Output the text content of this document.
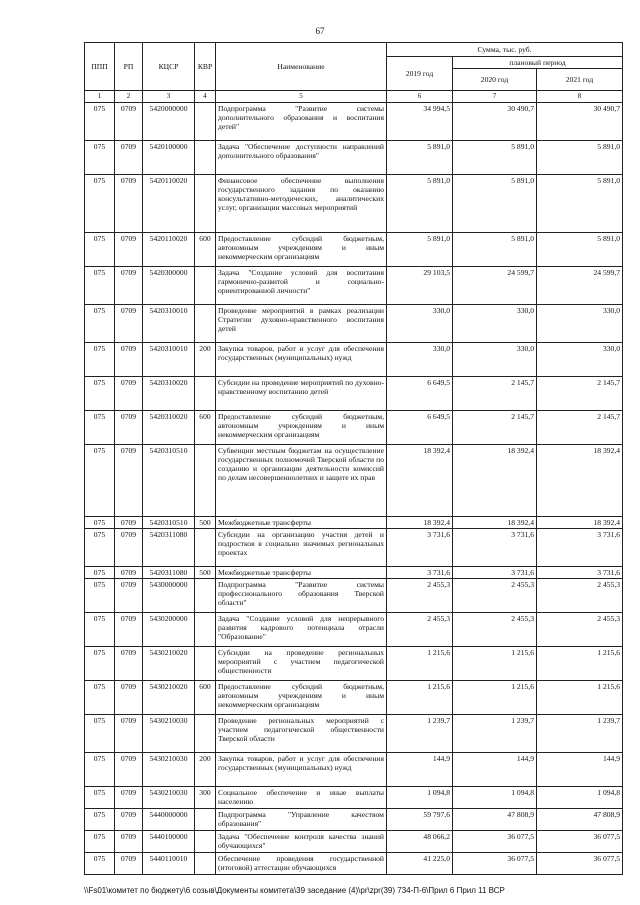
67
ППП	РП	КЦСР	КВР	Наименование	Сумма, тыс. руб.		
					2019 год	плановый период	
						2020 год	2021 год
1	2	3	4	5	6	7	8
075	0709	5420000000		Подпрограмма "Развитие системы дополнительного образования и воспитания детей"	34 994,5	30 490,7	30 490,7
075	0709	5420100000		Задача "Обеспечение доступности направлений дополнительного образования"	5 891,0	5 891,0	5 891,0
075	0709	5420110020		Финансовое обеспечение выполнения государственного задания по оказанию консультативно-методических, аналитических услуг, организации массовых мероприятий	5 891,0	5 891,0	5 891,0
075	0709	5420110020	600	Предоставление субсидий бюджетным, автономным учреждениям и иным некоммерческим организациям	5 891,0	5 891,0	5 891,0
075	0709	5420300000		Задача "Создание условий для воспитания гармонично-развитой и социально-ориентированной личности"	29 103,5	24 599,7	24 599,7
075	0709	5420310010		Проведение мероприятий в рамках реализации Стратегии духовно-нравственного воспитания детей	330,0	330,0	330,0
075	0709	5420310010	200	Закупка товаров, работ и услуг для обеспечения государственных (муниципальных) нужд	330,0	330,0	330,0
075	0709	5420310020		Субсидии на проведение мероприятий по духовно-нравственному воспитанию детей	6 649,5	2 145,7	2 145,7
075	0709	5420310020	600	Предоставление субсидий бюджетным, автономным учреждениям и иным некоммерческим организациям	6 649,5	2 145,7	2 145,7
075	0709	5420310510		Субвенции местным бюджетам на осуществление государственных полномочий Тверской области по созданию и организации деятельности комиссий по делам несовершеннолетних и защите их прав	18 392,4	18 392,4	18 392,4
075	0709	5420310510	500	Межбюджетные трансферты	18 392,4	18 392,4	18 392,4
075	0709	5420311080		Субсидии на организацию участия детей и подростков в социально значимых региональных проектах	3 731,6	3 731,6	3 731,6
075	0709	5420311080	500	Межбюджетные трансферты	3 731,6	3 731,6	3 731,6
075	0709	5430000000		Подпрограмма "Развитие системы профессионального образования Тверской области"	2 455,3	2 455,3	2 455,3
075	0709	5430200000		Задача "Создание условий для непрерывного развития кадрового потенциала отрасли "Образование"	2 455,3	2 455,3	2 455,3
075	0709	5430210020		Субсидии на проведение региональных мероприятий с участием педагогической общественности	1 215,6	1 215,6	1 215,6
075	0709	5430210020	600	Предоставление субсидий бюджетным, автономным учреждениям и иным некоммерческим организациям	1 215,6	1 215,6	1 215,6
075	0709	5430210030		Проведение региональных мероприятий с участием педагогической общественности Тверской области	1 239,7	1 239,7	1 239,7
075	0709	5430210030	200	Закупка товаров, работ и услуг для обеспечения государственных (муниципальных) нужд	144,9	144,9	144,9
075	0709	5430210030	300	Социальное обеспечение и иные выплаты населению	1 094,8	1 094,8	1 094,8
075	0709	5440000000		Подпрограмма "Управление качеством образования"	59 797,6	47 808,9	47 808,9
075	0709	5440100000		Задача "Обеспечение контроля качества знаний обучающихся"	48 066,2	36 077,5	36 077,5
075	0709	5440110010		Обеспечение проведения государственной (итоговой) аттестации обучающихся	41 225,0	36 077,5	36 077,5
\\Fs01\комитет по бюджету\6 созыв\Документы комитета\39 заседание (4)\pr\zpr(39) 734-П-6\Прил 6 Прил 11 ВСР
